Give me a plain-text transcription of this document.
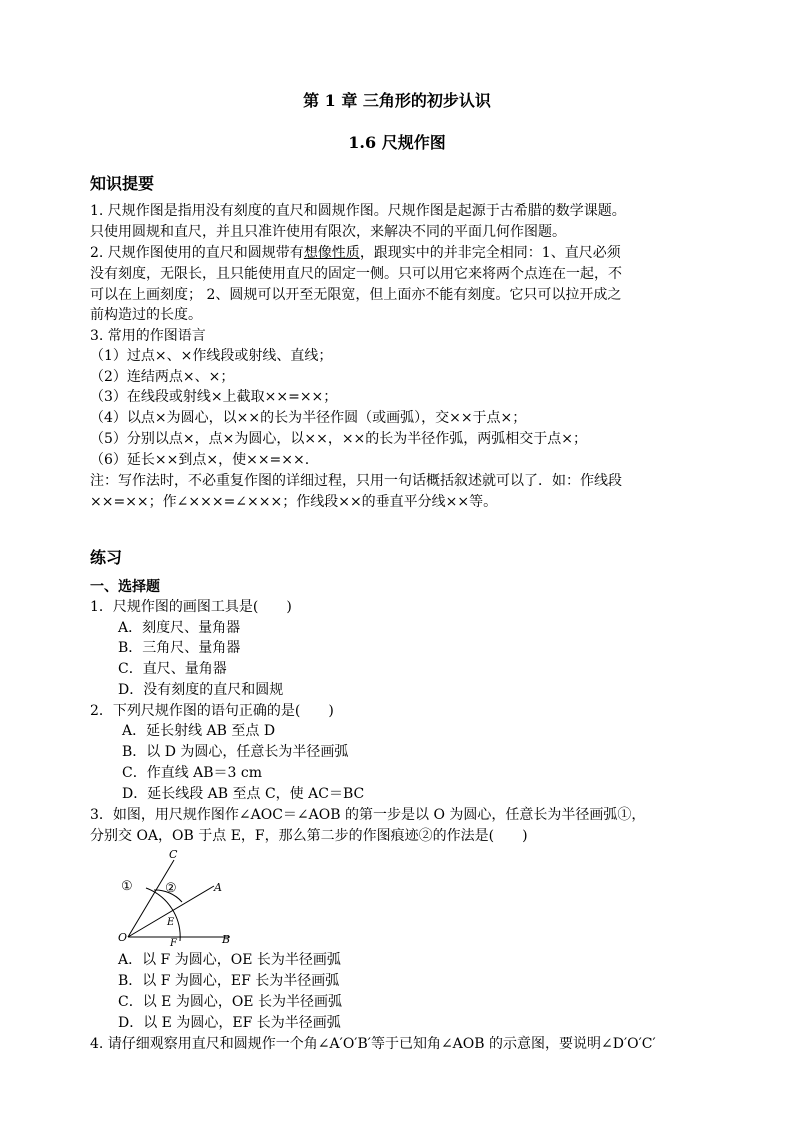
第 1 章 三角形的初步认识
1.6 尺规作图
知识提要
1. 尺规作图是指用没有刻度的直尺和圆规作图。尺规作图是起源于古希腊的数学课题。
只使用圆规和直尺，并且只准许使用有限次，来解决不同的平面几何作图题。
2. 尺规作图使用的直尺和圆规带有想像性质，跟现实中的并非完全相同：1、直尺必须
没有刻度，无限长，且只能使用直尺的固定一侧。只可以用它来将两个点连在一起，不
可以在上画刻度； 2、圆规可以开至无限宽，但上面亦不能有刻度。它只可以拉开成之
前构造过的长度。
3. 常用的作图语言
（1）过点×、×作线段或射线、直线；
（2）连结两点×、×；
（3）在线段或射线×上截取××=××；
（4）以点×为圆心，以××的长为半径作圆（或画弧），交××于点×；
（5）分别以点×，点×为圆心，以××，××的长为半径作弧，两弧相交于点×；
（6）延长××到点×，使××=××.
注：写作法时，不必重复作图的详细过程，只用一句话概括叙述就可以了．如：作线段
××=××；作∠×××=∠×××；作线段××的垂直平分线××等。
练习
一、选择题
1．尺规作图的画图工具是(　　)
A．刻度尺、量角器
B．三角尺、量角器
C．直尺、量角器
D．没有刻度的直尺和圆规
2．下列尺规作图的语句正确的是(　　)
A．延长射线 AB 至点 D
B．以 D 为圆心，任意长为半径画弧
C．作直线 AB＝3 cm
D．延长线段 AB 至点 C，使 AC＝BC
3．如图，用尺规作图作∠AOC＝∠AOB 的第一步是以 O 为圆心，任意长为半径画弧①，
分别交 OA，OB 于点 E，F，那么第二步的作图痕迹②的作法是(　　)
C
A
B
O
E
F
① ②
A．以 F 为圆心，OE 长为半径画弧
B．以 F 为圆心，EF 长为半径画弧
C．以 E 为圆心，OE 长为半径画弧
D．以 E 为圆心，EF 长为半径画弧
4. 请仔细观察用直尺和圆规作一个角∠A′O′B′等于已知角∠AOB 的示意图，要说明∠D′O′C′
